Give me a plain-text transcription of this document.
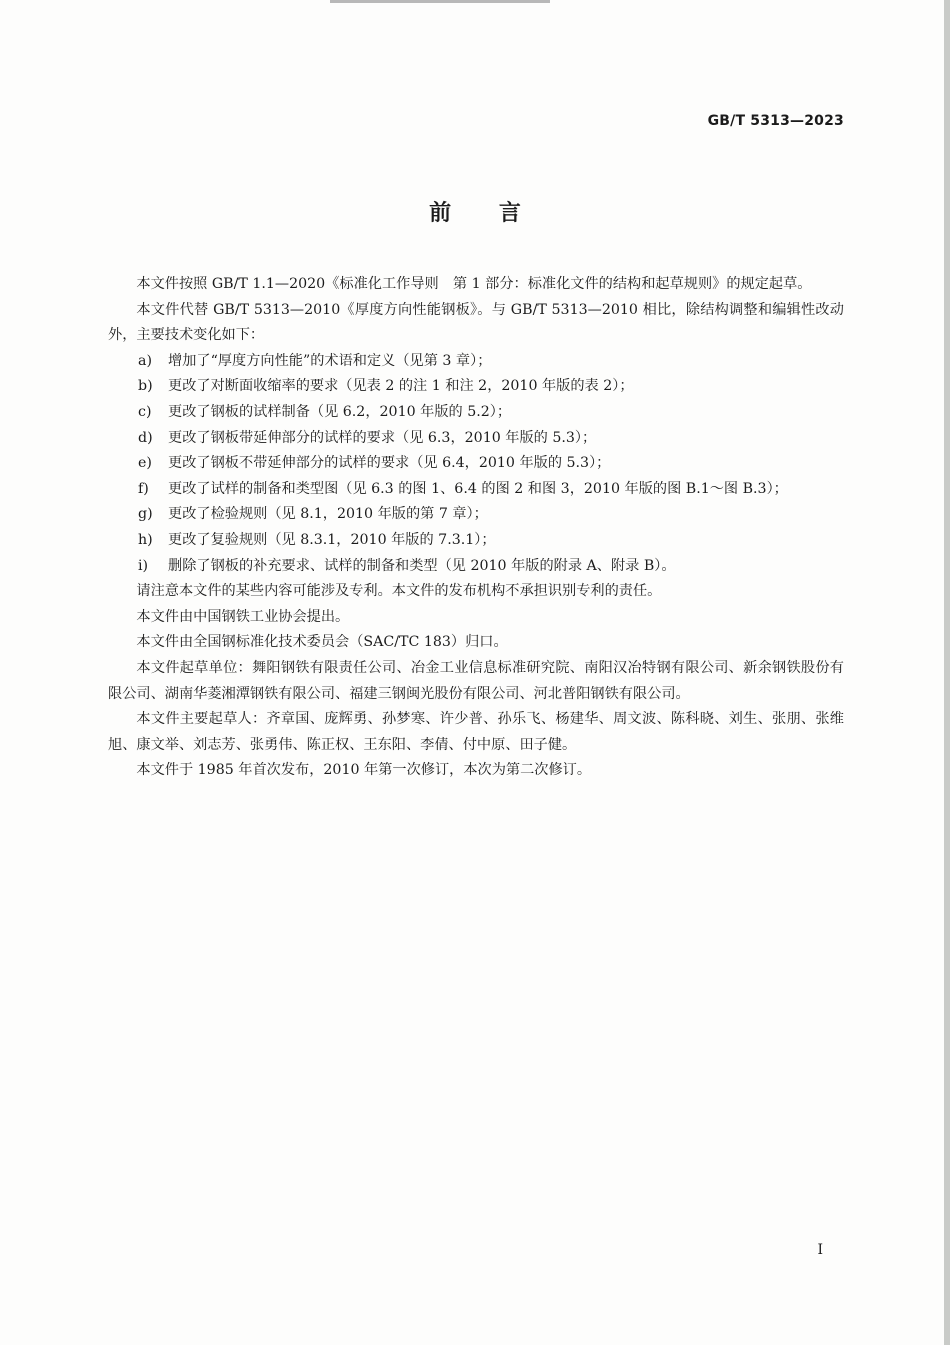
GB/T 5313—2023
前 言

本文件按照 GB/T 1.1—2020《标准化工作导则　第 1 部分：标准化文件的结构和起草规则》的规定起草。

本文件代替 GB/T 5313—2010《厚度方向性能钢板》。与 GB/T 5313—2010 相比，除结构调整和编辑性改动外，主要技术变化如下：

a)	增加了“厚度方向性能”的术语和定义（见第 3 章）；
b)	更改了对断面收缩率的要求（见表 2 的注 1 和注 2，2010 年版的表 2）；
c)	更改了钢板的试样制备（见 6.2，2010 年版的 5.2）；
d)	更改了钢板带延伸部分的试样的要求（见 6.3，2010 年版的 5.3）；
e)	更改了钢板不带延伸部分的试样的要求（见 6.4，2010 年版的 5.3）；
f)	更改了试样的制备和类型图（见 6.3 的图 1、6.4 的图 2 和图 3，2010 年版的图 B.1～图 B.3）；
g)	更改了检验规则（见 8.1，2010 年版的第 7 章）；
h)	更改了复验规则（见 8.3.1，2010 年版的 7.3.1）；
i)	删除了钢板的补充要求、试样的制备和类型（见 2010 年版的附录 A、附录 B）。

请注意本文件的某些内容可能涉及专利。本文件的发布机构不承担识别专利的责任。

本文件由中国钢铁工业协会提出。

本文件由全国钢标准化技术委员会（SAC/TC 183）归口。

本文件起草单位：舞阳钢铁有限责任公司、冶金工业信息标准研究院、南阳汉冶特钢有限公司、新余钢铁股份有限公司、湖南华菱湘潭钢铁有限公司、福建三钢闽光股份有限公司、河北普阳钢铁有限公司。

本文件主要起草人：齐章国、庞辉勇、孙梦寒、许少普、孙乐飞、杨建华、周文波、陈科晓、刘生、张朋、张维旭、康文举、刘志芳、张勇伟、陈正权、王东阳、李倩、付中原、田子健。

本文件于 1985 年首次发布，2010 年第一次修订，本次为第二次修订。

I
